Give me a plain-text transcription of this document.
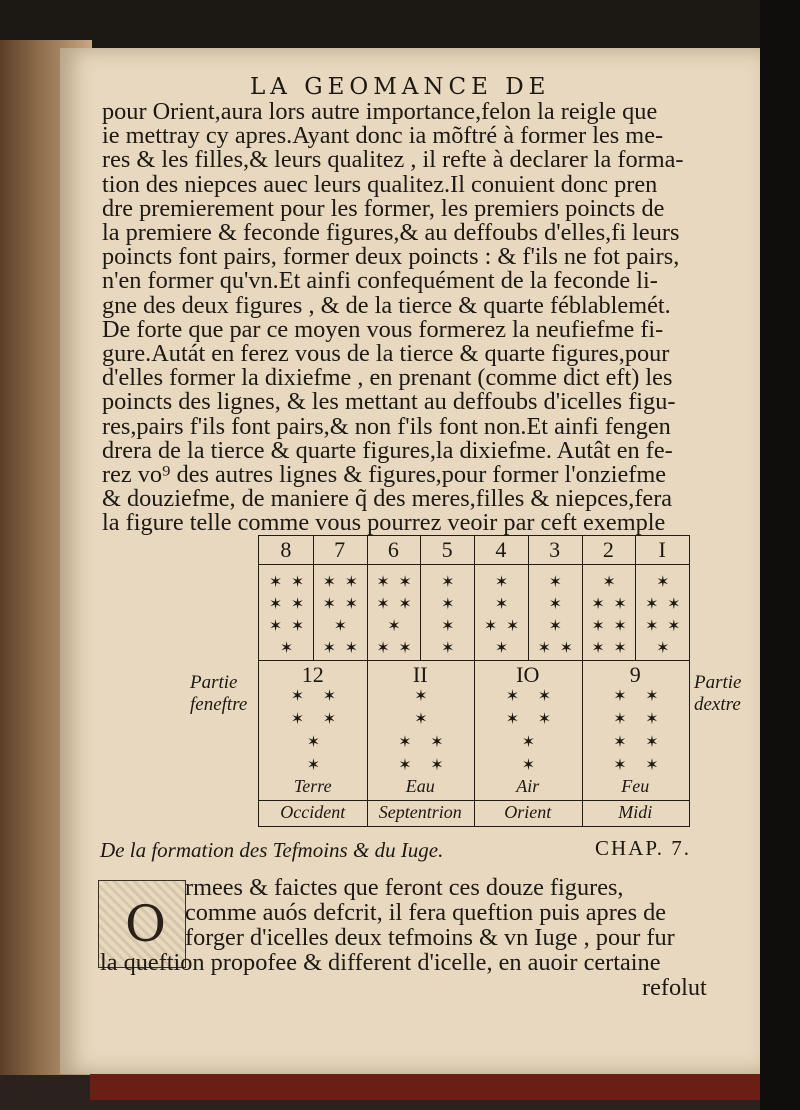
LA GEOMANCE DE
pour Orient,aura lors autre importance,felon la reigle que
ie mettray cy apres.Ayant donc ia mõftré à former les me-
res & les filles,& leurs qualitez , il refte à declarer la forma-
tion des niepces auec leurs qualitez.Il conuient donc pren
dre premierement pour les former, les premiers poincts de
la premiere & feconde figures,& au deffoubs d'elles,fi leurs
poincts font pairs, former deux poincts : & f'ils ne fot pairs,
n'en former qu'vn.Et ainfi confequément de la feconde li-
gne des deux figures , & de la tierce & quarte féblablemét.
De forte que par ce moyen vous formerez la neufiefme fi-
gure.Autát en ferez vous de la tierce & quarte figures,pour
d'elles former la dixiefme , en prenant (comme dict eft) les
poincts des lignes, & les mettant au deffoubs d'icelles figu-
res,pairs f'ils font pairs,& non f'ils font non.Et ainfi fengen
drera de la tierce & quarte figures,la dixiefme. Autât en fe-
rez vo⁹ des autres lignes & figures,pour former l'onziefme
& douziefme, de maniere q̃ des meres,filles & niepces,fera
la figure telle comme vous pourrez veoir par ceft exemple
8
✶ ✶
✶ ✶
✶ ✶
✶
7
✶ ✶
✶ ✶
✶
✶ ✶
6
✶ ✶
✶ ✶
✶
✶ ✶
5
✶
✶
✶
✶
4
✶
✶
✶ ✶
✶
3
✶
✶
✶
✶ ✶
2
✶
✶ ✶
✶ ✶
✶ ✶
I
✶
✶ ✶
✶ ✶
✶
12
✶ ✶
✶ ✶
✶
✶
Terre
Occident
II
✶
✶
✶ ✶
✶ ✶
Eau
Septentrion
IO
✶ ✶
✶ ✶
✶
✶
Air
Orient
9
✶ ✶
✶ ✶
✶ ✶
✶ ✶
Feu
Midi
Partie
feneftre
Partie
dextre
De la formation des Tefmoins & du Iuge.	CHAP. 7.
O
rmees & faictes que feront ces douze figures,
comme auós defcrit, il fera queftion puis apres de
forger d'icelles deux tefmoins & vn Iuge , pour fur
la queftion propofee & different d'icelle, en auoir certaine
refolut
